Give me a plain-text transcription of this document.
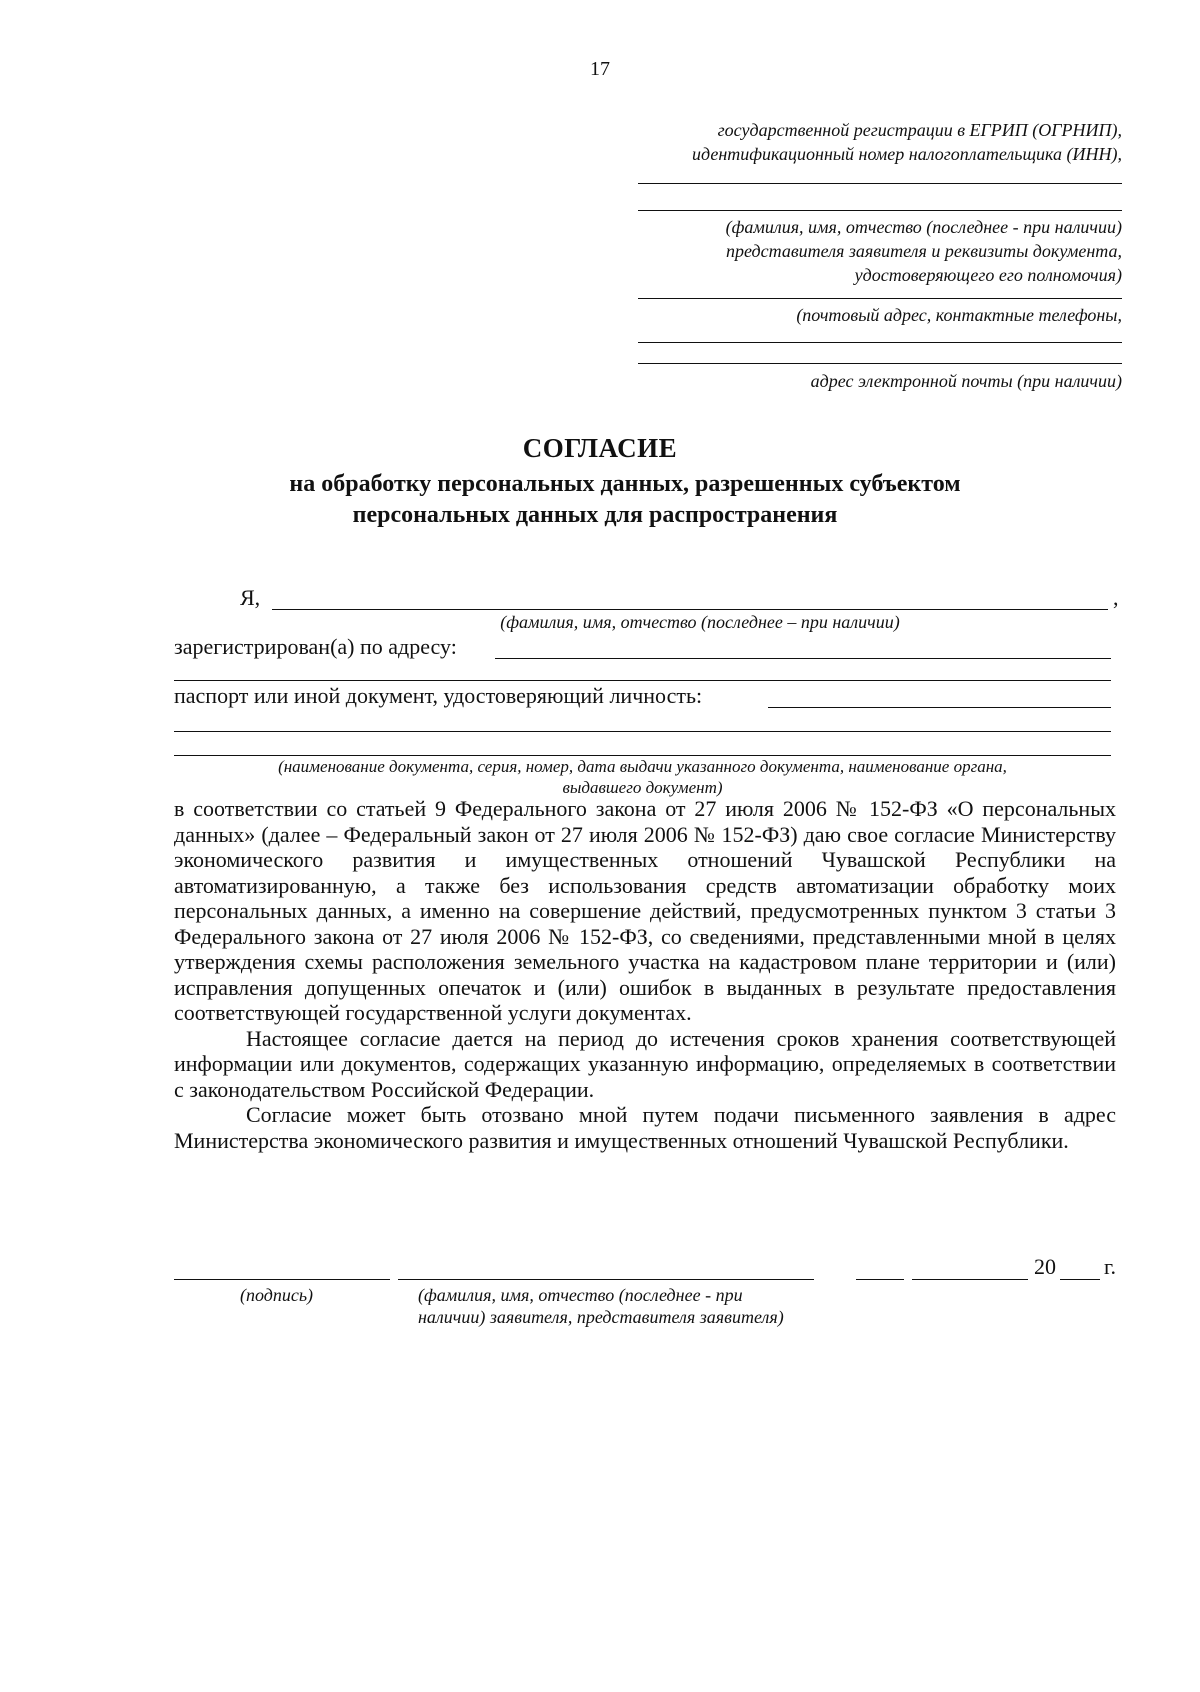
17
государственной регистрации в ЕГРИП (ОГРНИП),
идентификационный номер налогоплательщика (ИНН),
(фамилия, имя, отчество (последнее - при наличии)
представителя заявителя и реквизиты документа,
удостоверяющего его полномочия)
(почтовый адрес, контактные телефоны,
адрес электронной почты (при наличии)
СОГЛАСИЕ
на обработку персональных данных, разрешенных субъектом
персональных данных для распространения
Я,	,
(фамилия, имя, отчество (последнее – при наличии)
зарегистрирован(а) по адресу:
паспорт или иной документ, удостоверяющий личность:
(наименование документа, серия, номер, дата выдачи указанного документа, наименование органа,
выдавшего документ)

в соответствии со статьей 9 Федерального закона от 27 июля 2006 № 152-ФЗ «О персональных данных» (далее – Федеральный закон от 27 июля 2006 № 152-ФЗ) даю свое согласие Министерству экономического развития и имущественных отношений Чувашской Республики на автоматизированную, а также без использования средств автоматизации обработку моих персональных данных, а именно на совершение действий, предусмотренных пунктом 3 статьи 3 Федерального закона от 27 июля 2006 № 152-ФЗ, со сведениями, представленными мной в целях утверждения схемы расположения земельного участка на кадастровом плане территории и (или) исправления допущенных опечаток и (или) ошибок в выданных в результате предоставления соответствующей государственной услуги документах.

Настоящее согласие дается на период до истечения сроков хранения соответствующей информации или документов, содержащих указанную информацию, определяемых в соответствии с законодательством Российской Федерации.

Согласие может быть отозвано мной путем подачи письменного заявления в адрес Министерства экономического развития и имущественных отношений Чувашской Республики.

20 г.
(подпись)	(фамилия, имя, отчество (последнее - при
наличии) заявителя, представителя заявителя)
